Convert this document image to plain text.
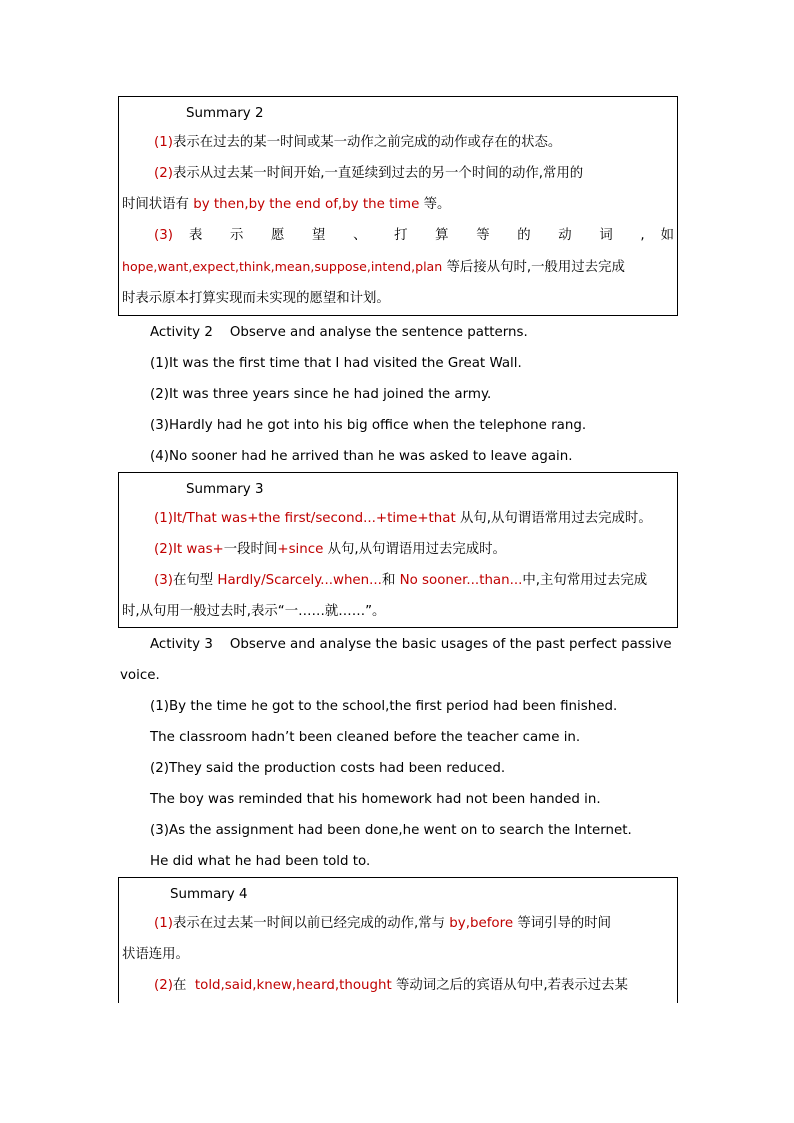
Summary 2
(1)表示在过去的某一时间或某一动作之前完成的动作或存在的状态。
(2)表示从过去某一时间开始,一直延续到过去的另一个时间的动作,常用的
时间状语有 by then,by the end of,by the time 等。
(3) 表 示 愿 望 、 打 算 等 的 动 词 , 如
hope,want,expect,think,mean,suppose,intend,plan 等后接从句时,一般用过去完成
时表示原本打算实现而未实现的愿望和计划。
Activity 2    Observe and analyse the sentence patterns.
(1)It was the first time that I had visited the Great Wall.
(2)It was three years since he had joined the army.
(3)Hardly had he got into his big office when the telephone rang.
(4)No sooner had he arrived than he was asked to leave again.
Summary 3
(1)It/That was+the first/second...+time+that 从句,从句谓语常用过去完成时。
(2)It was+一段时间+since 从句,从句谓语用过去完成时。
(3)在句型 Hardly/Scarcely...when...和 No sooner...than...中,主句常用过去完成
时,从句用一般过去时,表示“一……就……”。
Activity 3    Observe and analyse the basic usages of the past perfect passive
voice.
(1)By the time he got to the school,the first period had been finished.
The classroom hadn’t been cleaned before the teacher came in.
(2)They said the production costs had been reduced.
The boy was reminded that his homework had not been handed in.
(3)As the assignment had been done,he went on to search the Internet.
He did what he had been told to.
Summary 4
(1)表示在过去某一时间以前已经完成的动作,常与 by,before 等词引导的时间
状语连用。
(2)在  told,said,knew,heard,thought 等动词之后的宾语从句中,若表示过去某
